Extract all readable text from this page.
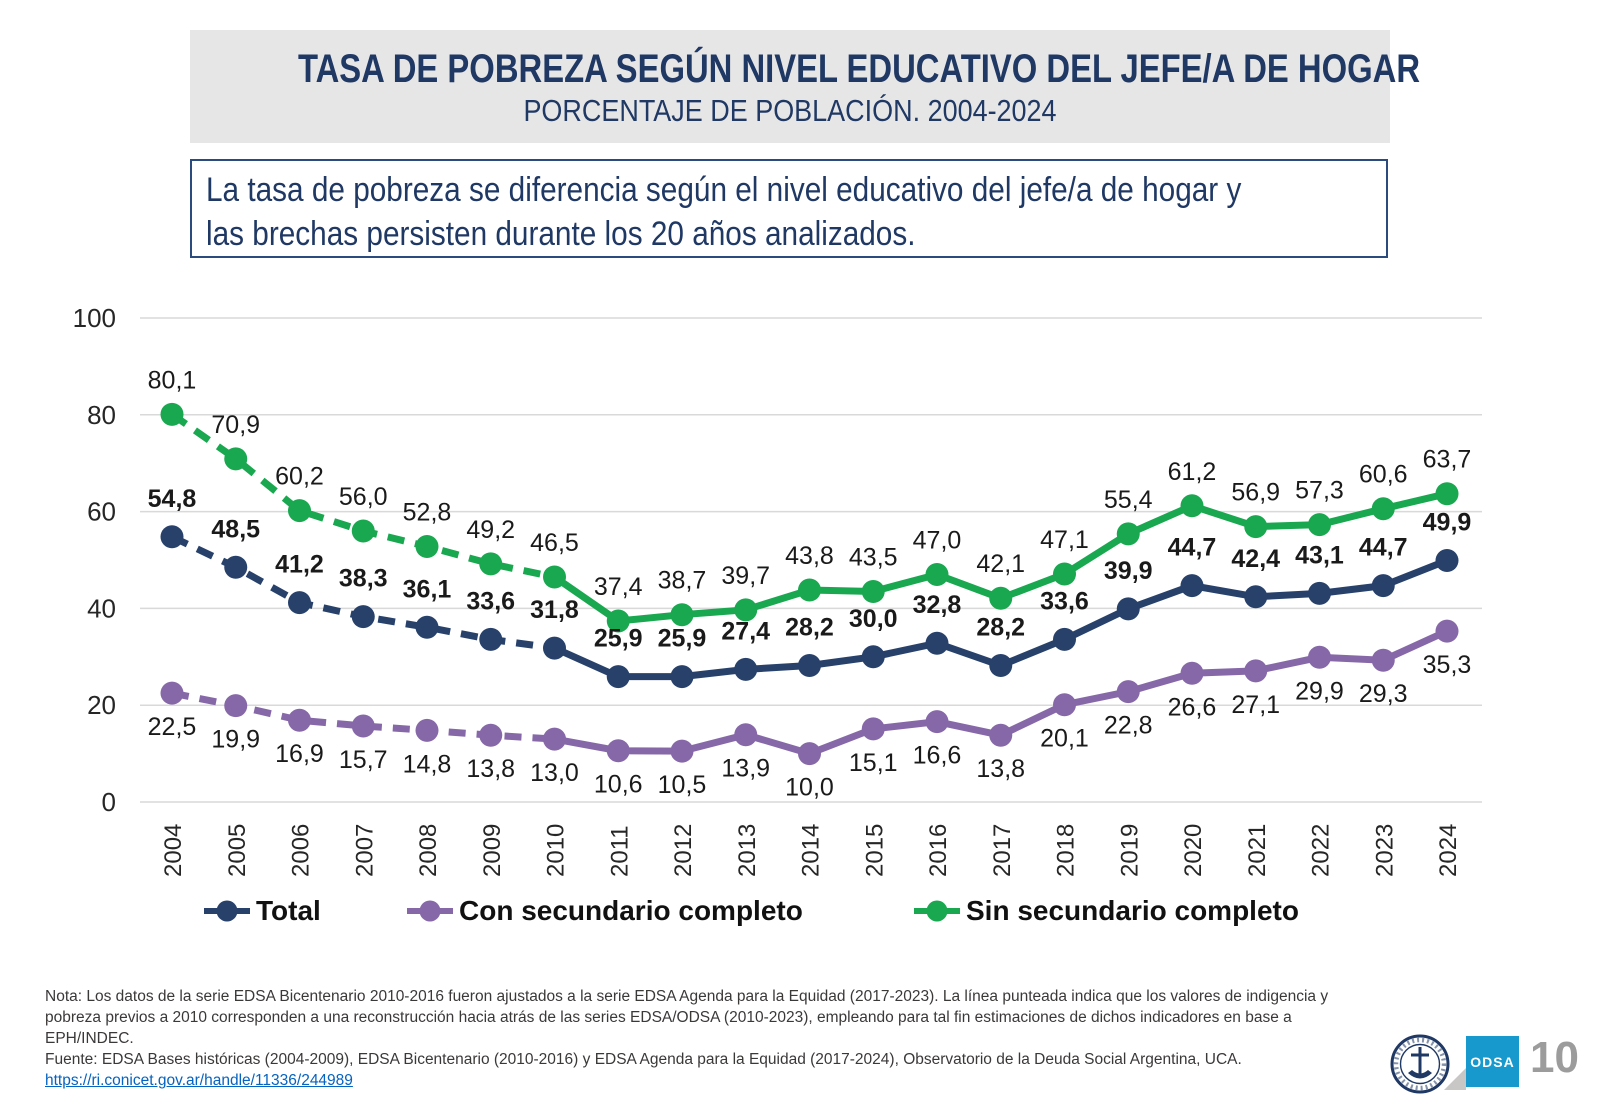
TASA DE POBREZA SEGÚN NIVEL EDUCATIVO DEL JEFE/A DE HOGAR
PORCENTAJE DE POBLACIÓN. 2004-2024
La tasa de pobreza se diferencia según el nivel educativo del jefe/a de hogar y
las brechas persisten durante los 20 años analizados.
0
20
40
60
80
100
2004 2005 2006 2007 2008 2009 2010 2011 2012 2013 2014 2015 2016 2017 2018 2019 2020 2021 2022 2023 2024
54,8
48,5
41,2
38,3 36,1 33,6 31,8
25,9 25,9 27,4 28,2 30,0 32,8
28,2
33,6
39,9
44,7 42,4 43,1 44,7
49,9
22,5 19,9
16,9 15,7 14,8 13,8 13,0 10,6 10,5
13,9
10,0
15,1 16,6 13,8
20,1 22,8
26,6 27,1 29,9 29,3
35,3
80,1
70,9
60,2
56,0
52,8
49,2 46,5
37,4 38,7 39,7
43,8 43,5
47,0
42,1
47,1
55,4
61,2
56,9 57,3
60,6
63,7
Total	Con secundario completo	Sin secundario completo
Nota: Los datos de la serie EDSA Bicentenario 2010-2016 fueron ajustados a la serie EDSA Agenda para la Equidad (2017-2023). La línea punteada indica que los valores de indigencia y
pobreza previos a 2010 corresponden a una reconstrucción hacia atrás de las series EDSA/ODSA (2010-2023), empleando para tal fin estimaciones de dichos indicadores en base a
EPH/INDEC.
Fuente: EDSA Bases históricas (2004-2009), EDSA Bicentenario (2010-2016) y EDSA Agenda para la Equidad (2017-2024), Observatorio de la Deuda Social Argentina, UCA.
https://ri.conicet.gov.ar/handle/11336/244989
ODSA 10
